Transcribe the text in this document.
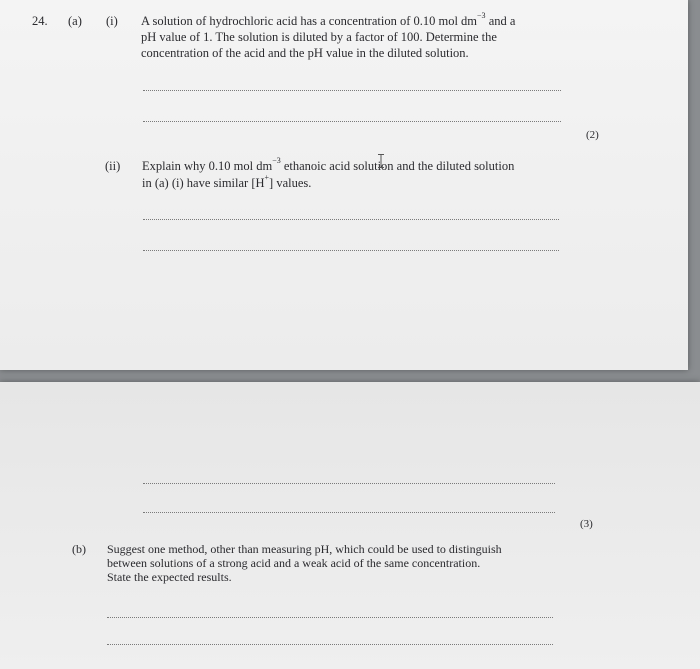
24. (a) (i) A solution of hydrochloric acid has a concentration of 0.10 mol $dm^{-3}$ and a
pH value of 1. The solution is diluted by a factor of 100. Determine the
concentration of the acid and the pH value in the diluted solution.
(2)
(ii) Explain why 0.10 mol $dm^{-3}$ ethanoic acid solution and the diluted solution
in (a) (i) have similar [H+] values.
(3)
(b) Suggest one method, other than measuring pH, which could be used to distinguish
between solutions of a strong acid and a weak acid of the same concentration.
State the expected results.
